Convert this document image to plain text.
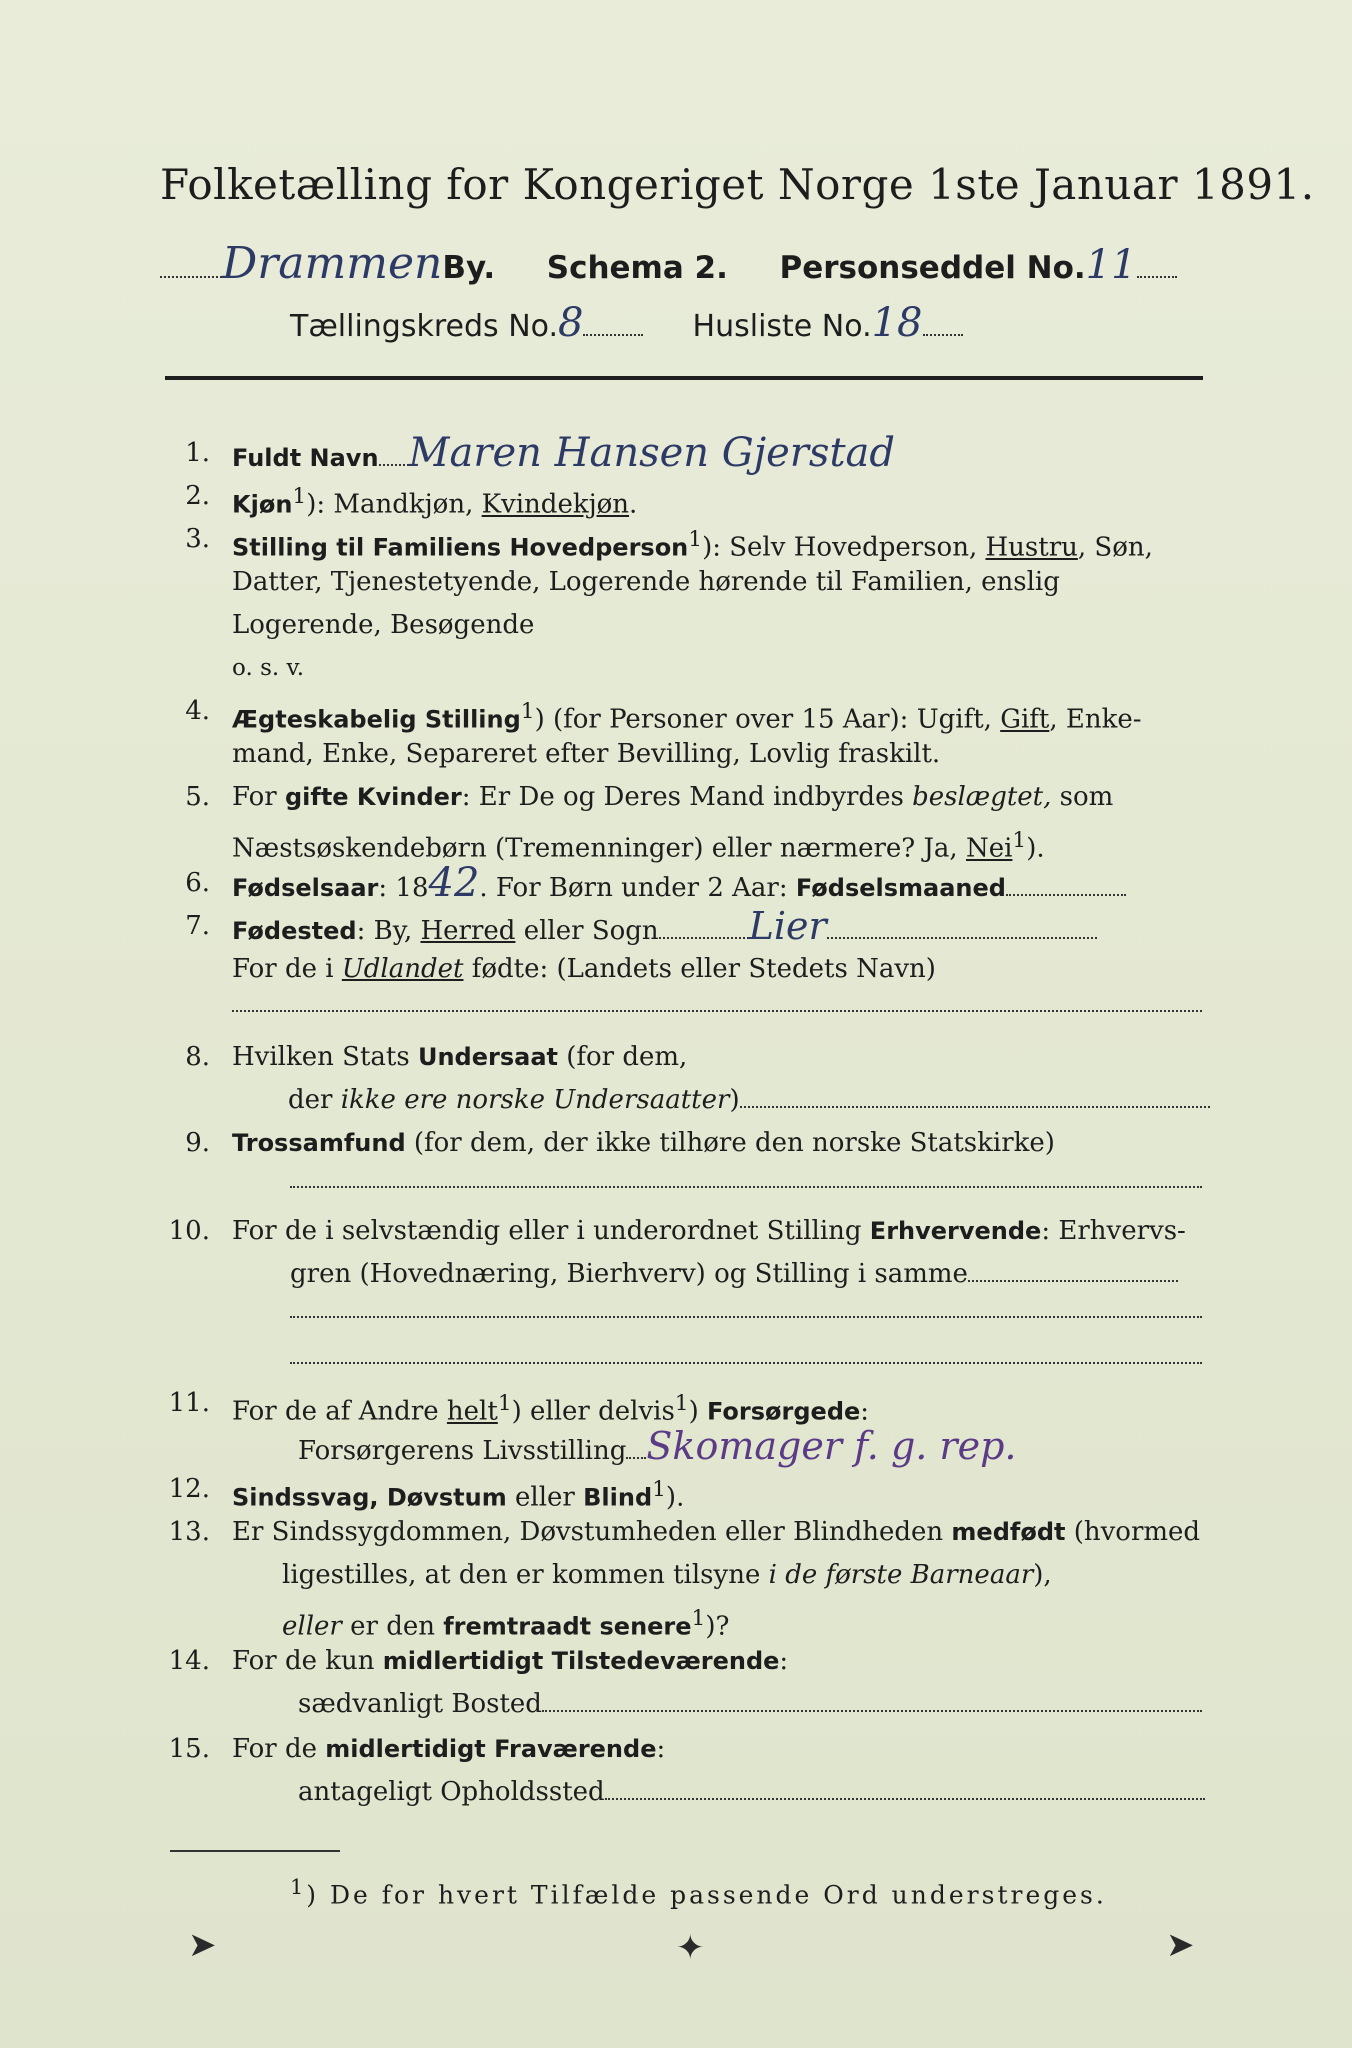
Folketælling for Kongeriget Norge 1ste Januar 1891.
DrammenBy. Schema 2. Personseddel No.11
Tællingskreds No.8	Husliste No.18
1. Fuldt Navn Maren Hansen Gjerstad
2. Kjøn$^1$): Mandkjøn, Kvindekjøn.
3. Stilling til Familiens Hovedperson$^1$): Selv Hovedperson, Hustru, Søn,
Datter, Tjenestetyende, Logerende hørende til Familien, enslig
Logerende, Besøgende
o. s. v.
4. Ægteskabelig Stilling$^1$) (for Personer over 15 Aar): Ugift, Gift, Enke-
mand, Enke, Separeret efter Bevilling, Lovlig fraskilt.
5. For gifte Kvinder: Er De og Deres Mand indbyrdes beslægtet, som
Næstsøskendebørn (Tremenninger) eller nærmere? Ja, Nei$^1$).
6. Fødselsaar: 1842. For Børn under 2 Aar: Fødselsmaaned
7. Fødested: By, Herred eller Sogn Lier
For de i Udlandet fødte: (Landets eller Stedets Navn)
8. Hvilken Stats Undersaat (for dem,
der ikke ere norske Undersaatter)
9. Trossamfund (for dem, der ikke tilhøre den norske Statskirke)
10. For de i selvstændig eller i underordnet Stilling Erhvervende: Erhvervs-
gren (Hovednæring, Bierhverv) og Stilling i samme
11. For de af Andre helt$^1$) eller delvis$^1$) Forsørgede:
Forsørgerens Livsstilling Skomager f. g. rep.
12. Sindssvag, Døvstum eller Blind$^1$).
13. Er Sindssygdommen, Døvstumheden eller Blindheden medfødt (hvormed
ligestilles, at den er kommen tilsyne i de første Barneaar),
eller er den fremtraadt senere$^1$)?
14. For de kun midlertidigt Tilstedeværende:
sædvanligt Bosted
15. For de midlertidigt Fraværende:
antageligt Opholdssted
$^1$) De for hvert Tilfælde passende Ord understreges.
➤	✦	➤
